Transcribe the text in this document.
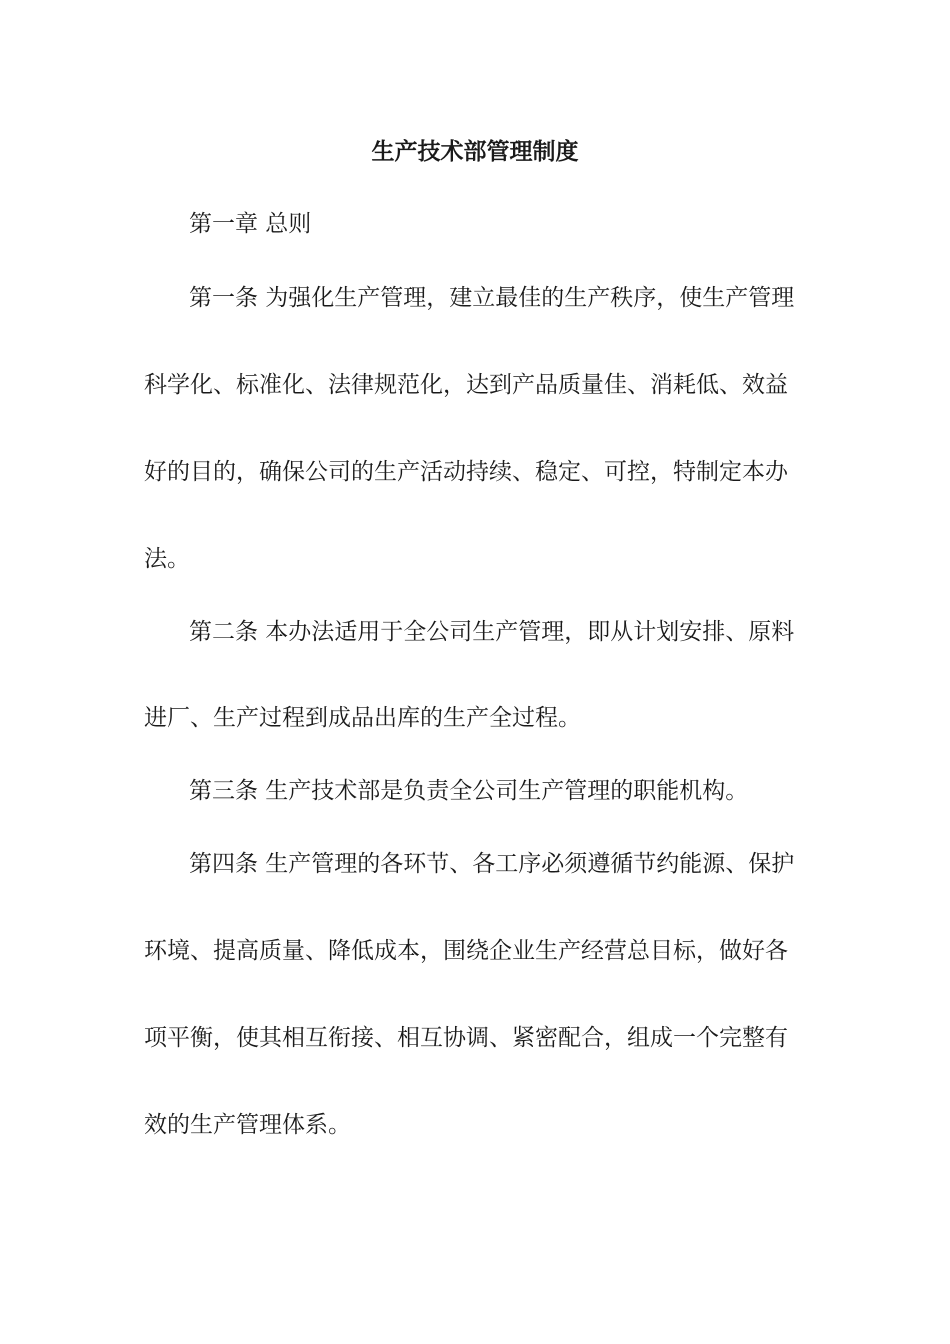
生产技术部管理制度
第一章 总则
第一条 为强化生产管理，建立最佳的生产秩序，使生产管理
科学化、标准化、法律规范化，达到产品质量佳、消耗低、效益
好的目的，确保公司的生产活动持续、稳定、可控，特制定本办
法。
第二条 本办法适用于全公司生产管理，即从计划安排、原料
进厂、生产过程到成品出库的生产全过程。
第三条 生产技术部是负责全公司生产管理的职能机构。
第四条 生产管理的各环节、各工序必须遵循节约能源、保护
环境、提高质量、降低成本，围绕企业生产经营总目标，做好各
项平衡，使其相互衔接、相互协调、紧密配合，组成一个完整有
效的生产管理体系。
